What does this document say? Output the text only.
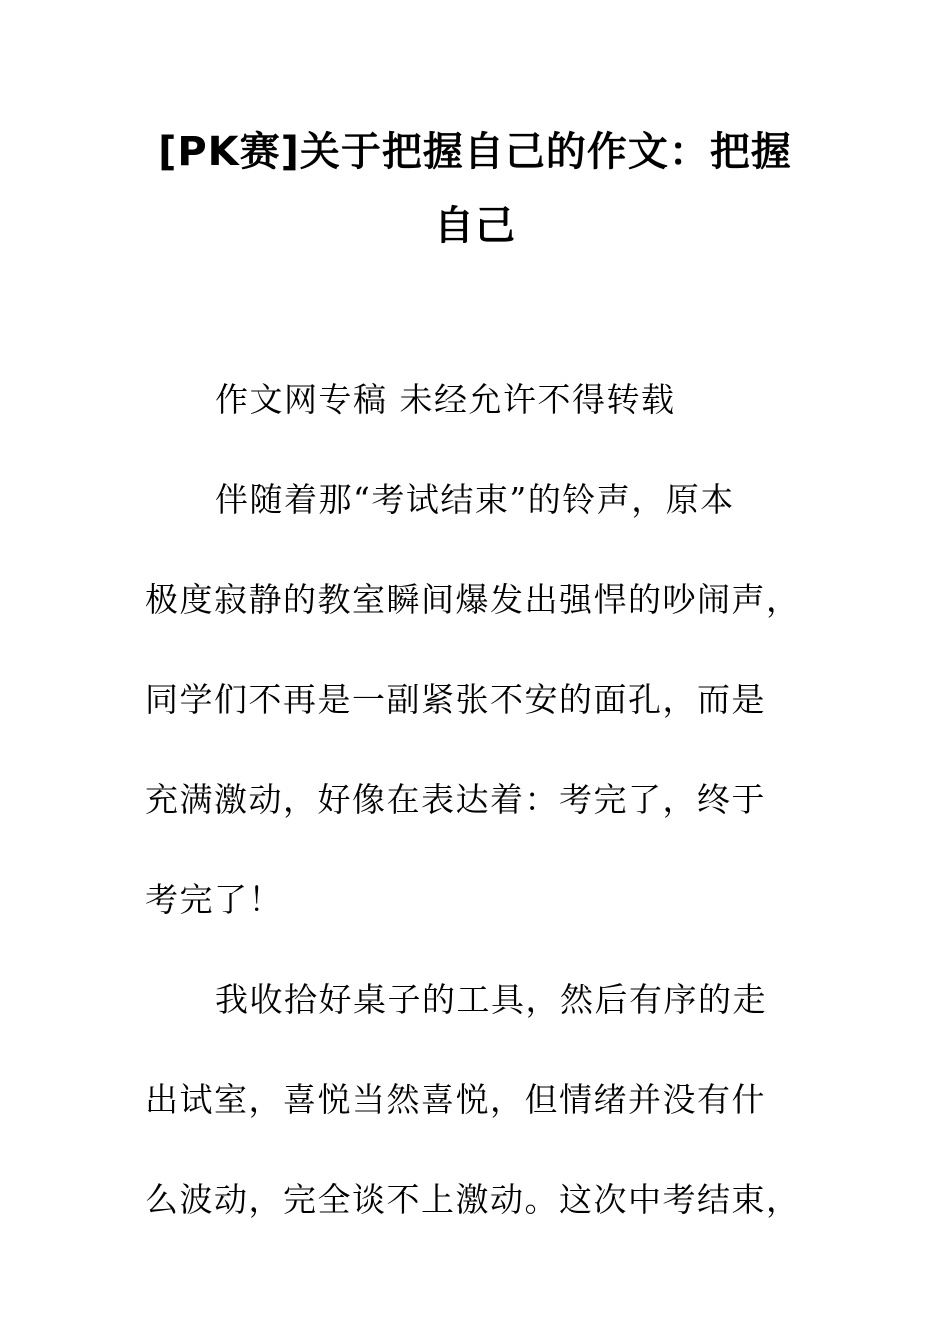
[PK赛]关于把握自己的作文：把握
自己

作文网专稿 未经允许不得转载

伴随着那“考试结束”的铃声，原本

极度寂静的教室瞬间爆发出强悍的吵闹声，

同学们不再是一副紧张不安的面孔，而是

充满激动，好像在表达着：考完了，终于

考完了！

我收拾好桌子的工具，然后有序的走

出试室，喜悦当然喜悦，但情绪并没有什

么波动，完全谈不上激动。这次中考结束，
